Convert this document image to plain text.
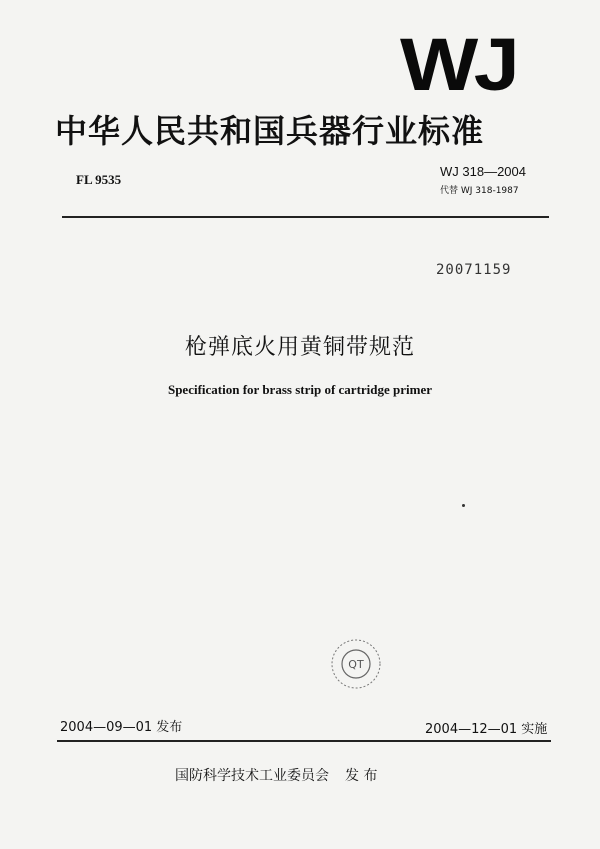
WJ
中华人民共和国兵器行业标准
FL 9535
WJ 318—2004
代替 WJ 318-1987
20071159
枪弹底火用黄铜带规范
Specification for brass strip of cartridge primer
QT
2004—09—01 发布	2004—12—01 实施
国防科学技术工业委员会 发 布
